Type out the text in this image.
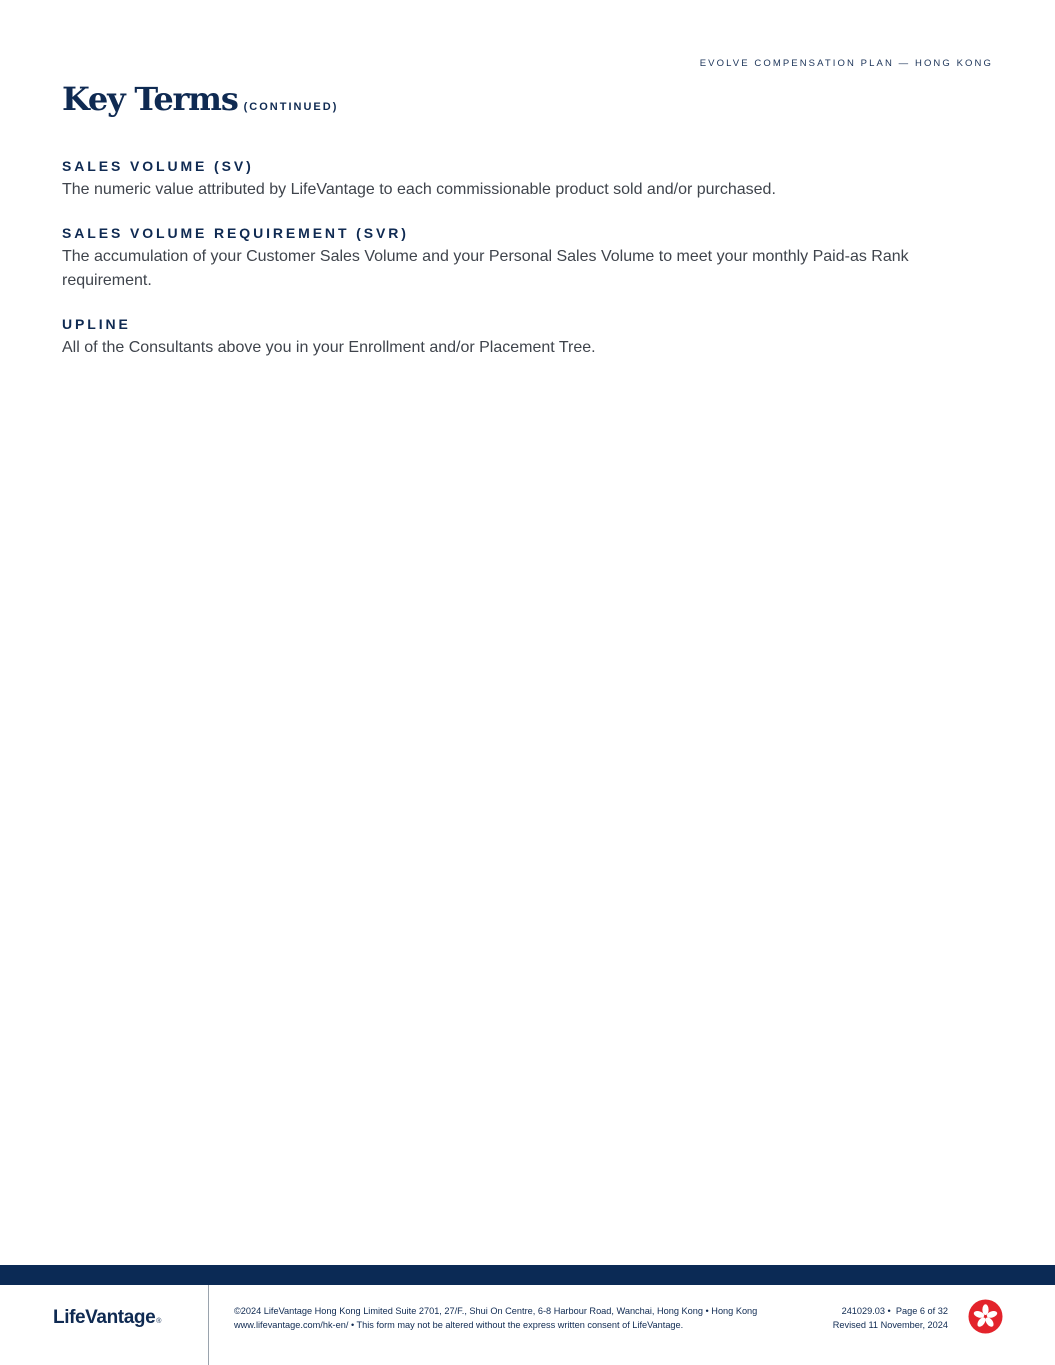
EVOLVE COMPENSATION PLAN — HONG KONG
Key Terms (CONTINUED)
SALES VOLUME (SV)

The numeric value attributed by LifeVantage to each commissionable product sold and/or purchased.

SALES VOLUME REQUIREMENT (SVR)

The accumulation of your Customer Sales Volume and your Personal Sales Volume to meet your monthly Paid-as Rank requirement.

UPLINE

All of the Consultants above you in your Enrollment and/or Placement Tree.

LifeVantage®
©2024 LifeVantage Hong Kong Limited Suite 2701, 27/F., Shui On Centre, 6-8 Harbour Road, Wanchai, Hong Kong • Hong Kong
www.lifevantage.com/hk-en/ • This form may not be altered without the express written consent of LifeVantage.
241029.03 • Page 6 of 32
Revised 11 November, 2024
